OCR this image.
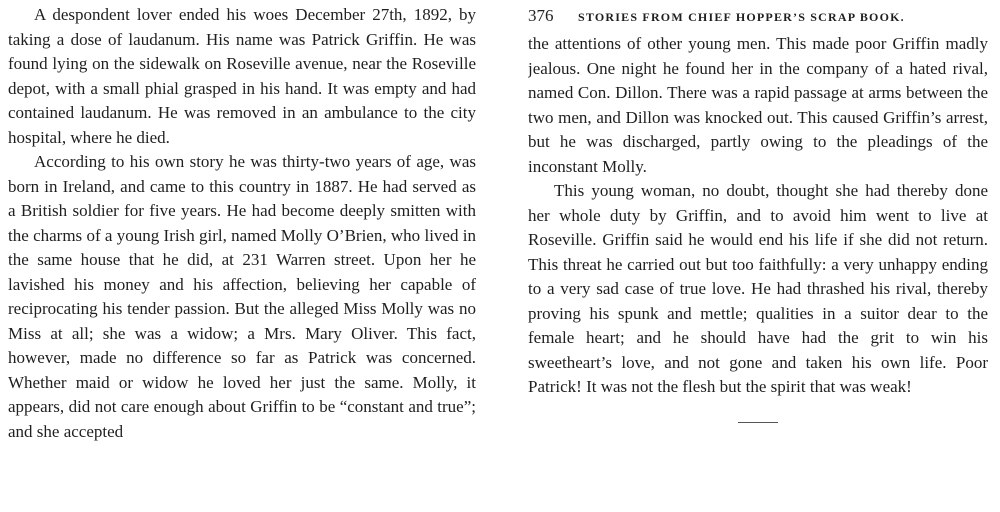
A despondent lover ended his woes December 27th, 1892, by taking a dose of laudanum. His name was Patrick Griffin. He was found lying on the sidewalk on Roseville avenue, near the Roseville depot, with a small phial grasped in his hand. It was empty and had contained laudanum. He was removed in an ambulance to the city hospital, where he died.

According to his own story he was thirty-two years of age, was born in Ireland, and came to this country in 1887. He had served as a British soldier for five years. He had become deeply smitten with the charms of a young Irish girl, named Molly O’Brien, who lived in the same house that he did, at 231 Warren street. Upon her he lavished his money and his affection, believing her capable of reciprocating his tender passion. But the alleged Miss Molly was no Miss at all; she was a widow; a Mrs. Mary Oliver. This fact, however, made no difference so far as Patrick was concerned. Whether maid or widow he loved her just the same. Molly, it appears, did not care enough about Griffin to be “constant and true”; and she accepted

376	STORIES FROM CHIEF HOPPER’S SCRAP BOOK.

the attentions of other young men. This made poor Griffin madly jealous. One night he found her in the company of a hated rival, named Con. Dillon. There was a rapid passage at arms between the two men, and Dillon was knocked out. This caused Griffin’s arrest, but he was discharged, partly owing to the pleadings of the inconstant Molly.

This young woman, no doubt, thought she had thereby done her whole duty by Griffin, and to avoid him went to live at Roseville. Griffin said he would end his life if she did not return. This threat he carried out but too faithfully: a very unhappy ending to a very sad case of true love. He had thrashed his rival, thereby proving his spunk and mettle; qualities in a suitor dear to the female heart; and he should have had the grit to win his sweetheart’s love, and not gone and taken his own life. Poor Patrick! It was not the flesh but the spirit that was weak!
